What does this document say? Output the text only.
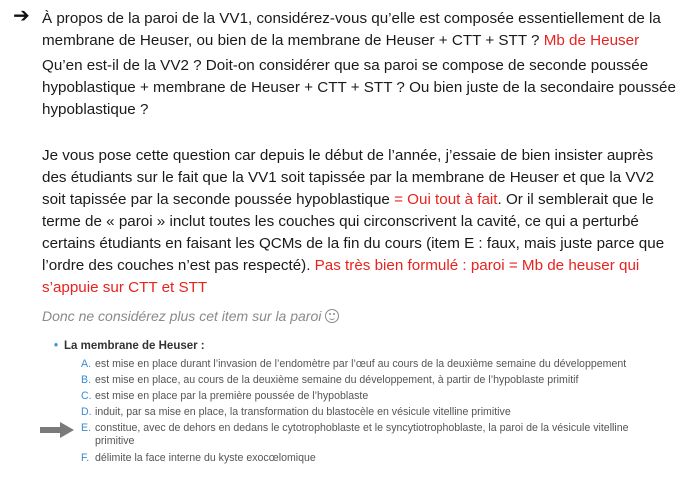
➔ À propos de la paroi de la VV1, considérez-vous qu’elle est composée essentiellement de la
membrane de Heuser, ou bien de la membrane de Heuser + CTT + STT ? Mb de Heuser
Qu’en est-il de la VV2 ? Doit-on considérer que sa paroi se compose de seconde poussée
hypoblastique + membrane de Heuser + CTT + STT ? Ou bien juste de la secondaire poussée
hypoblastique ?
Je vous pose cette question car depuis le début de l’année, j’essaie de bien insister auprès
des étudiants sur le fait que la VV1 soit tapissée par la membrane de Heuser et que la VV2
soit tapissée par la seconde poussée hypoblastique = Oui tout à fait. Or il semblerait que le
terme de « paroi » inclut toutes les couches qui circonscrivent la cavité, ce qui a perturbé
certains étudiants en faisant les QCMs de la fin du cours (item E : faux, mais juste parce que
l’ordre des couches n’est pas respecté). Pas très bien formulé : paroi = Mb de heuser qui
s’appuie sur CTT et STT
Donc ne considérez plus cet item sur la paroi
• La membrane de Heuser :
A. est mise en place durant l’invasion de l’endomètre par l’œuf au cours de la deuxième semaine du développement
B. est mise en place, au cours de la deuxième semaine du développement, à partir de l’hypoblaste primitif
C. est mise en place par la première poussée de l’hypoblaste
D. induit, par sa mise en place, la transformation du blastocèle en vésicule vitelline primitive
E. constitue, avec de dehors en dedans le cytotrophoblaste et le syncytiotrophoblaste, la paroi de la vésicule vitelline
primitive
F. délimite la face interne du kyste exocœlomique
